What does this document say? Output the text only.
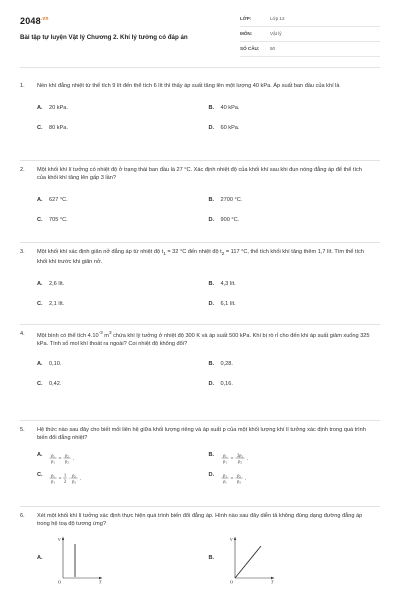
$2048^{.vn}$
Bài tập tự luyện Vật lý Chương 2. Khí lý tưởng có đáp án
LỚP:	Lớp 12
MÔN:	Vật lý
SỐ CÂU:	50
1.	Nén khí đẳng nhiệt từ thể tích 9 lít đến thể tích 6 lít thì thấy áp suất tăng lên một lượng 40 kPa. Áp suất ban đầu của khí là
A.	20 kPa.	B.	40 kPa.
C.	80 kPa.	D.	60 kPa.
2.	Một khối khí lí tưởng có nhiệt độ ở trạng thái ban đầu là 27 °C. Xác định nhiệt độ của khối khí sau khi đun nóng đẳng áp để thể tích của khối khí tăng lên gấp 3 lần?
A.	627 °C.	B.	2700 °C.
C.	705 °C.	D.	900 °C.
3.	Một khối khí xác định giãn nở đẳng áp từ nhiệt độ $t_1 = 32$ °C đến nhiệt độ $t_2 = 117$ °C, thể tích khối khí tăng thêm 1,7 lít. Tìm thể tích khối khí trước khi giãn nở.
A.	2,6 lít.	B.	4,3 lít.
C.	2,1 lít.	D.	6,1 lít.
4.	Một bình có thể tích $4.10^{-3}$ $m^3$ chứa khí lý tưởng ở nhiệt độ 300 K và áp suất 500 kPa. Khí bị rò rỉ cho đến khi áp suất giảm xuống 325 kPa. Tính số mol khí thoát ra ngoài? Coi nhiệt độ không đổi?
A.	0,10.	B.	0,28.
C.	0,42.	D.	0,16.
5.	Hệ thức nào sau đây cho biết mối liên hệ giữa khối lượng riêng và áp suất p của một khối lượng khí lí tưởng xác định trong quá trình biến đổi đẳng nhiệt?
A.	ρ₁
p₁ =
ρ₂
p₂ .
B.	ρ₁
p₁ =
2ρ₂
p₂ .
C.	ρ₁
p₁ =
1
2
·
ρ₂
p₂ .
D.	p₁
ρ₁ =
ρ₂
p₂ .
6.	Xét một khối khí lí tưởng xác định thực hiện quá trình biến đổi đẳng áp. Hình nào sau đây diễn tả không đúng dạng đường đẳng áp trong hệ toạ độ tương ứng?
A.
V
T
O
B.
V
T
O
